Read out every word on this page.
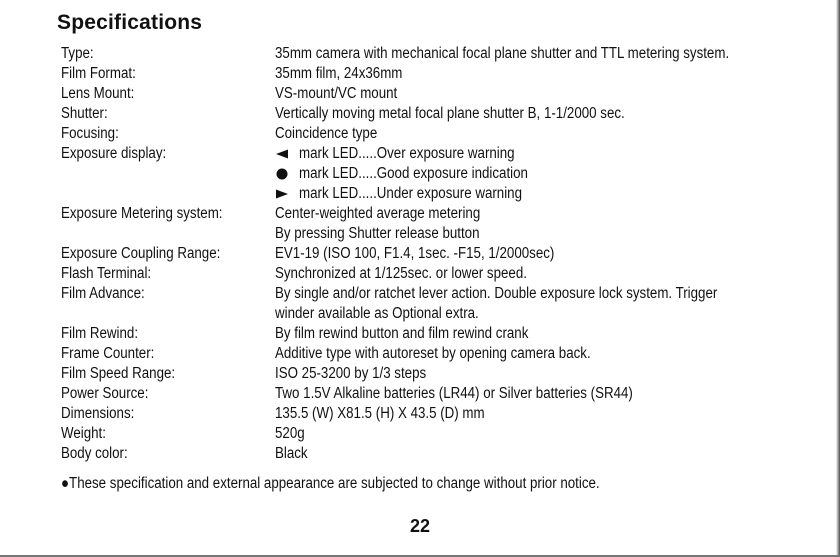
Specifications
Type:	35mm camera with mechanical focal plane shutter and TTL metering system.
Film Format:	35mm film, 24x36mm
Lens Mount:	VS-mount/VC mount
Shutter:	Vertically moving metal focal plane shutter B, 1-1/2000 sec.
Focusing:	Coincidence type
Exposure display:	mark LED.....Over exposure warning
mark LED.....Good exposure indication
mark LED.....Under exposure warning
Exposure Metering system:	Center-weighted average metering
By pressing Shutter release button
Exposure Coupling Range:	EV1-19 (ISO 100, F1.4, 1sec. -F15, 1/2000sec)
Flash Terminal:	Synchronized at 1/125sec. or lower speed.
Film Advance:	By single and/or ratchet lever action. Double exposure lock system. Trigger
winder available as Optional extra.
Film Rewind:	By film rewind button and film rewind crank
Frame Counter:	Additive type with autoreset by opening camera back.
Film Speed Range:	ISO 25-3200 by 1/3 steps
Power Source:	Two 1.5V Alkaline batteries (LR44) or Silver batteries (SR44)
Dimensions:	135.5 (W) X81.5 (H) X 43.5 (D) mm
Weight:	520g
Body color:	Black
●These specification and external appearance are subjected to change without prior notice.
22
